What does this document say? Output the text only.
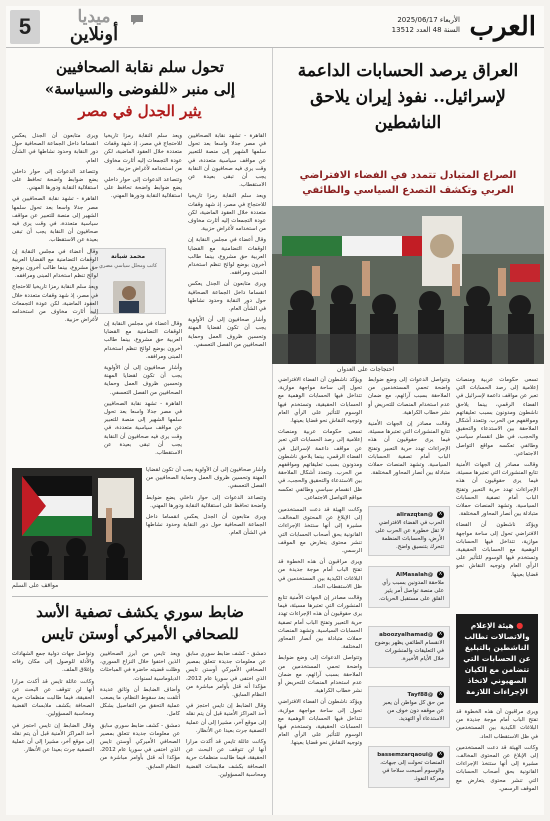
العرب
الأربعاء 2025/06/17
السنة 48 العدد 13512
5	ميديا
أونلاين
العراق يرصد الحسابات الداعمة لإسرائيل.. نفوذ إيران يلاحق الناشطين
الصراع المتبادل تتمدد في الفضاء الافتراضي العربي وتكشف التصدع السياسي والطائفي
احتجاجات على العدوان

تسعى حكومات عربية ومنصات إعلامية إلى رصد الحسابات التي تعبر عن مواقف داعمة لإسرائيل في الفضاء الرقمي، بينما يلاحق ناشطون ومدونون بسبب تعليقاتهم ومواقفهم من الحرب. وتتعدد أشكال الملاحقة بين الاستدعاء والتحقيق والحجب، في ظل انقسام سياسي وطائفي تعكسه مواقع التواصل الاجتماعي.

وقالت مصادر إن الجهات الأمنية تتابع المنشورات التي تعتبرها مسيئة، فيما يرى حقوقيون أن هذه الإجراءات تهدد حرية التعبير وتفتح الباب أمام تصفية الحسابات السياسية. وتشهد المنصات حملات متبادلة بين أنصار المحاور المختلفة.

ويؤكد ناشطون أن الفضاء الافتراضي تحول إلى ساحة مواجهة موازية، تتداخل فيها الحسابات الوهمية مع الحسابات الحقيقية، وتستخدم فيها الوسوم للتأثير على الرأي العام وتوجيه النقاش نحو قضايا بعينها.

وتتواصل الدعوات إلى وضع ضوابط واضحة تحمي المستخدمين من الملاحقة بسبب آرائهم، مع ضمان عدم استخدام المنصات للتحريض أو نشر خطاب الكراهية.

وقالت مصادر إن الجهات الأمنية تتابع المنشورات التي تعتبرها مسيئة، فيما يرى حقوقيون أن هذه الإجراءات تهدد حرية التعبير وتفتح الباب أمام تصفية الحسابات السياسية. وتشهد المنصات حملات متبادلة بين أنصار المحاور المختلفة.

ويؤكد ناشطون أن الفضاء الافتراضي تحول إلى ساحة مواجهة موازية، تتداخل فيها الحسابات الوهمية مع الحسابات الحقيقية، وتستخدم فيها الوسوم للتأثير على الرأي العام وتوجيه النقاش نحو قضايا بعينها.

تسعى حكومات عربية ومنصات إعلامية إلى رصد الحسابات التي تعبر عن مواقف داعمة لإسرائيل في الفضاء الرقمي، بينما يلاحق ناشطون ومدونون بسبب تعليقاتهم ومواقفهم من الحرب. وتتعدد أشكال الملاحقة بين الاستدعاء والتحقيق والحجب، في ظل انقسام سياسي وطائفي تعكسه مواقع التواصل الاجتماعي.

X @alirazqtan
الحرب في الفضاء الافتراضي لا تقل خطورة عن الحرب على الأرض، والحسابات المنظمة تتحرك بتنسيق واضح.
X @AlMasalah
ملاحقة المدونين بسبب رأي على منصة تواصل أمر يثير القلق على مستقبل الحريات.
X @aboozyalhamad
الانقسام الطائفي يظهر بوضوح في التعليقات والمنشورات خلال الأيام الأخيرة.
X @Tayf88
من حق كل مواطن أن يعبر عن موقفه دون خوف من الاستدعاء أو التهديد.
X @bassemzarqaoui
المنصات تحولت إلى جبهات، والوسوم أصبحت سلاحا في معركة النفوذ.

وكانت الهيئة قد دعت المستخدمين إلى الإبلاغ عن المحتوى المخالف، مشيرة إلى أنها ستتخذ الإجراءات القانونية بحق أصحاب الحسابات التي تنشر محتوى يتعارض مع الموقف الرسمي.

ويرى مراقبون أن هذه الخطوة قد تفتح الباب أمام موجة جديدة من البلاغات الكيدية بين المستخدمين في ظل الاستقطاب الحاد.

وقالت مصادر إن الجهات الأمنية تتابع المنشورات التي تعتبرها مسيئة، فيما يرى حقوقيون أن هذه الإجراءات تهدد حرية التعبير وتفتح الباب أمام تصفية الحسابات السياسية. وتشهد المنصات حملات متبادلة بين أنصار المحاور المختلفة.

وتتواصل الدعوات إلى وضع ضوابط واضحة تحمي المستخدمين من الملاحقة بسبب آرائهم، مع ضمان عدم استخدام المنصات للتحريض أو نشر خطاب الكراهية.

ويؤكد ناشطون أن الفضاء الافتراضي تحول إلى ساحة مواجهة موازية، تتداخل فيها الحسابات الوهمية مع الحسابات الحقيقية، وتستخدم فيها الوسوم للتأثير على الرأي العام وتوجيه النقاش نحو قضايا بعينها.

● هيئة الإعلام والاتصالات تطالب الناشطين بالتبليغ عن الحسابات التي تتضامن مع الكيان الصهيوني لاتخاذ الإجراءات اللازمة

ويرى مراقبون أن هذه الخطوة قد تفتح الباب أمام موجة جديدة من البلاغات الكيدية بين المستخدمين في ظل الاستقطاب الحاد.

وكانت الهيئة قد دعت المستخدمين إلى الإبلاغ عن المحتوى المخالف، مشيرة إلى أنها ستتخذ الإجراءات القانونية بحق أصحاب الحسابات التي تنشر محتوى يتعارض مع الموقف الرسمي.

تحول سلم نقابة الصحافيين
إلى منبر «للفوضى والسياسة»
يثير الجدل في مصر

القاهرة - تشهد نقابة الصحافيين في مصر جدلا واسعا بعد تحول سلمها الشهير إلى منصة للتعبير عن مواقف سياسية متعددة، في وقت يرى فيه صحافيون أن النقابة يجب أن تبقى بعيدة عن الاستقطاب.

ويعد سلم النقابة رمزا تاريخيا للاحتجاج في مصر، إذ شهد وقفات متعددة خلال العقود الماضية، لكن عودة التجمعات إليه أثارت مخاوف من استخدامه لأغراض حزبية.

وقال أعضاء في مجلس النقابة إن الوقفات التضامنية مع القضايا العربية حق مشروع، بينما طالب آخرون بوضع لوائح تنظم استخدام المبنى ومرافقه.

ويرى متابعون أن الجدل يعكس انقساما داخل الجماعة الصحافية حول دور النقابة وحدود نشاطها في الشأن العام.

وأشار صحافيون إلى أن الأولوية يجب أن تكون لقضايا المهنة وتحسين ظروف العمل وحماية الصحافيين من الفصل التعسفي.

ويعد سلم النقابة رمزا تاريخيا للاحتجاج في مصر، إذ شهد وقفات متعددة خلال العقود الماضية، لكن عودة التجمعات إليه أثارت مخاوف من استخدامه لأغراض حزبية.

وتتصاعد الدعوات إلى حوار داخلي يضع ضوابط واضحة تحافظ على استقلالية النقابة ودورها المهني.

محمد شبانة
كاتب ومحلل سياسي مصري

وقال أعضاء في مجلس النقابة إن الوقفات التضامنية مع القضايا العربية حق مشروع، بينما طالب آخرون بوضع لوائح تنظم استخدام المبنى ومرافقه.

وأشار صحافيون إلى أن الأولوية يجب أن تكون لقضايا المهنة وتحسين ظروف العمل وحماية الصحافيين من الفصل التعسفي.

القاهرة - تشهد نقابة الصحافيين في مصر جدلا واسعا بعد تحول سلمها الشهير إلى منصة للتعبير عن مواقف سياسية متعددة، في وقت يرى فيه صحافيون أن النقابة يجب أن تبقى بعيدة عن الاستقطاب.

ويرى متابعون أن الجدل يعكس انقساما داخل الجماعة الصحافية حول دور النقابة وحدود نشاطها في الشأن العام.

وتتصاعد الدعوات إلى حوار داخلي يضع ضوابط واضحة تحافظ على استقلالية النقابة ودورها المهني.

القاهرة - تشهد نقابة الصحافيين في مصر جدلا واسعا بعد تحول سلمها الشهير إلى منصة للتعبير عن مواقف سياسية متعددة، في وقت يرى فيه صحافيون أن النقابة يجب أن تبقى بعيدة عن الاستقطاب.

وقال أعضاء في مجلس النقابة إن الوقفات التضامنية مع القضايا العربية حق مشروع، بينما طالب آخرون بوضع لوائح تنظم استخدام المبنى ومرافقه.

ويعد سلم النقابة رمزا تاريخيا للاحتجاج في مصر، إذ شهد وقفات متعددة خلال العقود الماضية، لكن عودة التجمعات إليه أثارت مخاوف من استخدامه لأغراض حزبية.

مواقف على السلم

وأشار صحافيون إلى أن الأولوية يجب أن تكون لقضايا المهنة وتحسين ظروف العمل وحماية الصحافيين من الفصل التعسفي.

وتتصاعد الدعوات إلى حوار داخلي يضع ضوابط واضحة تحافظ على استقلالية النقابة ودورها المهني.

ويرى متابعون أن الجدل يعكس انقساما داخل الجماعة الصحافية حول دور النقابة وحدود نشاطها في الشأن العام.

ضابط سوري يكشف تصفية الأسد
للصحافي الأميركي أوستن تايس

دمشق - كشف ضابط سوري سابق عن معلومات جديدة تتعلق بمصير الصحافي الأميركي أوستن تايس الذي اختفى في سوريا عام 2012، مؤكدا أنه قتل بأوامر مباشرة من النظام السابق.

وقال الضابط إن تايس احتجز في أحد المراكز الأمنية قبل أن يتم نقله إلى موقع آخر، مشيرا إلى أن عملية التصفية جرت بعيدا عن الأنظار.

وكانت عائلة تايس قد أكدت مرارا أنها لن تتوقف عن البحث عن الحقيقة، فيما طالبت منظمات حرية الصحافة بكشف ملابسات القضية ومحاسبة المسؤولين.

ويعد تايس من أبرز الصحافيين الذين اختفوا خلال النزاع السوري، وظلت قضيته حاضرة في المباحثات الدبلوماسية لسنوات.

وأضاف الضابط أن وثائق عديدة أتلفت بعد سقوط النظام، ما يصعب عملية التحقق من التفاصيل بشكل كامل.

دمشق - كشف ضابط سوري سابق عن معلومات جديدة تتعلق بمصير الصحافي الأميركي أوستن تايس الذي اختفى في سوريا عام 2012، مؤكدا أنه قتل بأوامر مباشرة من النظام السابق.

وتواصل جهات دولية جمع الشهادات والأدلة للوصول إلى مكان رفاته وإغلاق الملف.

وكانت عائلة تايس قد أكدت مرارا أنها لن تتوقف عن البحث عن الحقيقة، فيما طالبت منظمات حرية الصحافة بكشف ملابسات القضية ومحاسبة المسؤولين.

وقال الضابط إن تايس احتجز في أحد المراكز الأمنية قبل أن يتم نقله إلى موقع آخر، مشيرا إلى أن عملية التصفية جرت بعيدا عن الأنظار.
